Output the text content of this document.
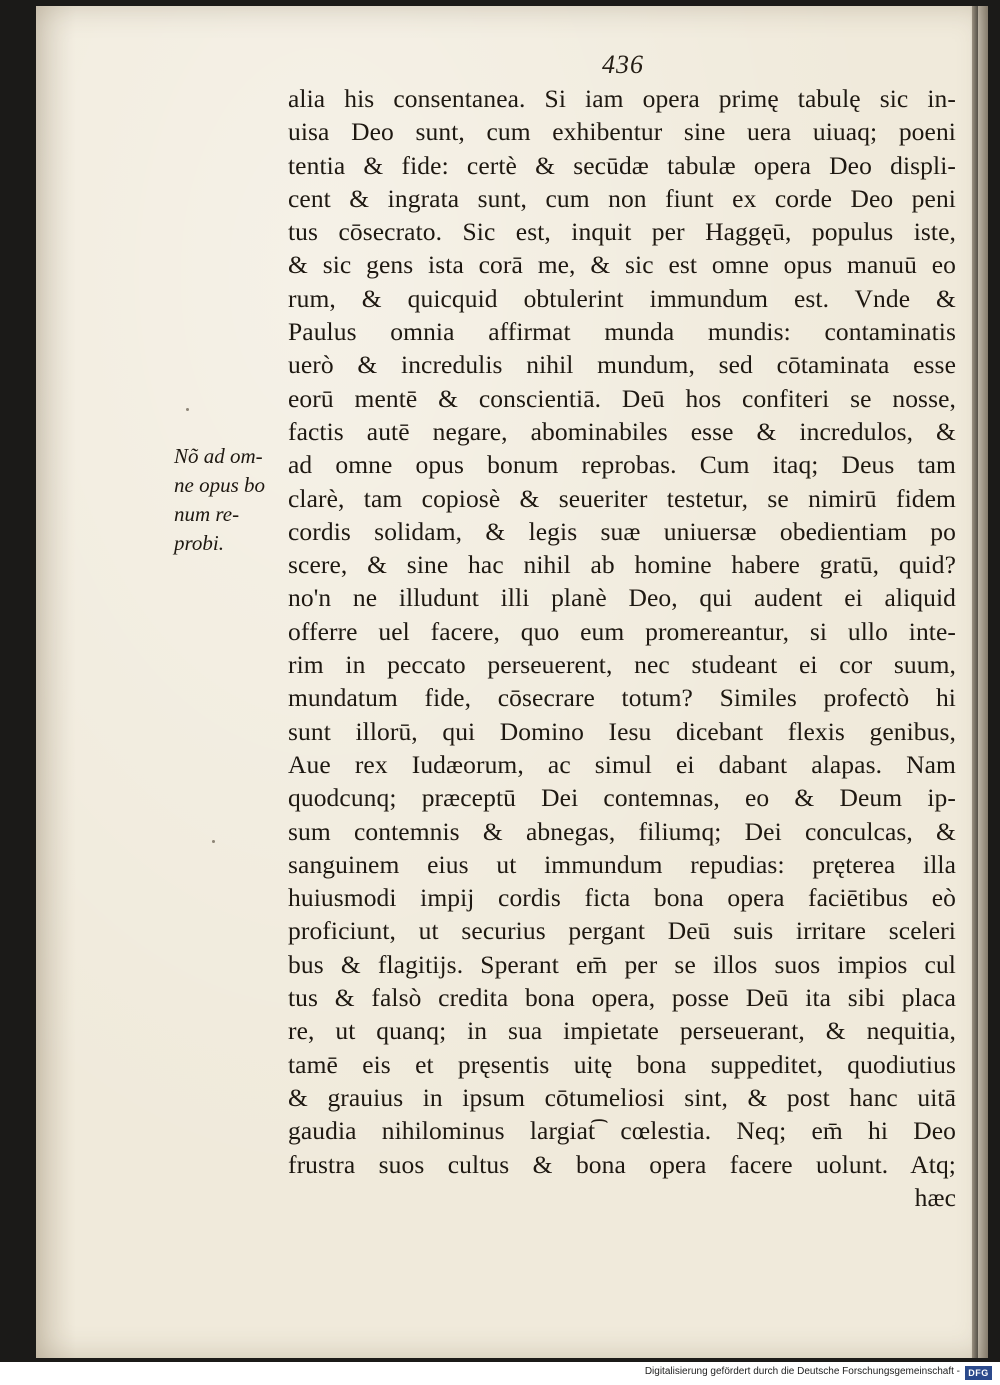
436
Nõ ad om-
ne opus bo
num re-
probi.
alia his consentanea. Si iam opera primę tabulę sic in-
uisa Deo sunt, cum exhibentur sine uera uiuaq; poeni
tentia & fide: certè & secūdæ tabulæ opera Deo displi-
cent & ingrata sunt, cum non fiunt ex corde Deo peni
tus cōsecrato. Sic est, inquit per Haggęū, populus iste,
& sic gens ista corā me, & sic est omne opus manuū eo
rum, & quicquid obtulerint immundum est. Vnde &
Paulus omnia affirmat munda mundis: contaminatis
uerò & incredulis nihil mundum, sed cōtaminata esse
eorū mentē & conscientiā. Deū hos confiteri se nosse,
factis autē negare, abominabiles esse & incredulos, &
ad omne opus bonum reprobas. Cum itaq; Deus tam
clarè, tam copiosè & seueriter testetur, se nimirū fidem
cordis solidam, & legis suæ uniuersæ obedientiam po
scere, & sine hac nihil ab homine habere gratū, quid?
no'n ne illudunt illi planè Deo, qui audent ei aliquid
offerre uel facere, quo eum promereantur, si ullo inte-
rim in peccato perseuerent, nec studeant ei cor suum,
mundatum fide, cōsecrare totum? Similes profectò hi
sunt illorū, qui Domino Iesu dicebant flexis genibus,
Aue rex Iudæorum, ac simul ei dabant alapas. Nam
quodcunq; præceptū Dei contemnas, eo & Deum ip-
sum contemnis & abnegas, filiumq; Dei conculcas, &
sanguinem eius ut immundum repudias: pręterea illa
huiusmodi impij cordis ficta bona opera faciētibus eò
proficiunt, ut securius pergant Deū suis irritare sceleri
bus & flagitijs. Sperant em̄ per se illos suos impios cul
tus & falsò credita bona opera, posse Deū ita sibi placa
re, ut quanq; in sua impietate perseuerant, & nequitia,
tamē eis et pręsentis uitę bona suppeditet, quodiutius
& grauius in ipsum cōtumeliosi sint, & post hanc uitā
gaudia nihilominus largiat͡ cœlestia. Neq; em̄ hi Deo
frustra suos cultus & bona opera facere uolunt. Atq;
hæc
Digitalisierung gefördert durch die Deutsche Forschungsgemeinschaft - DFG
